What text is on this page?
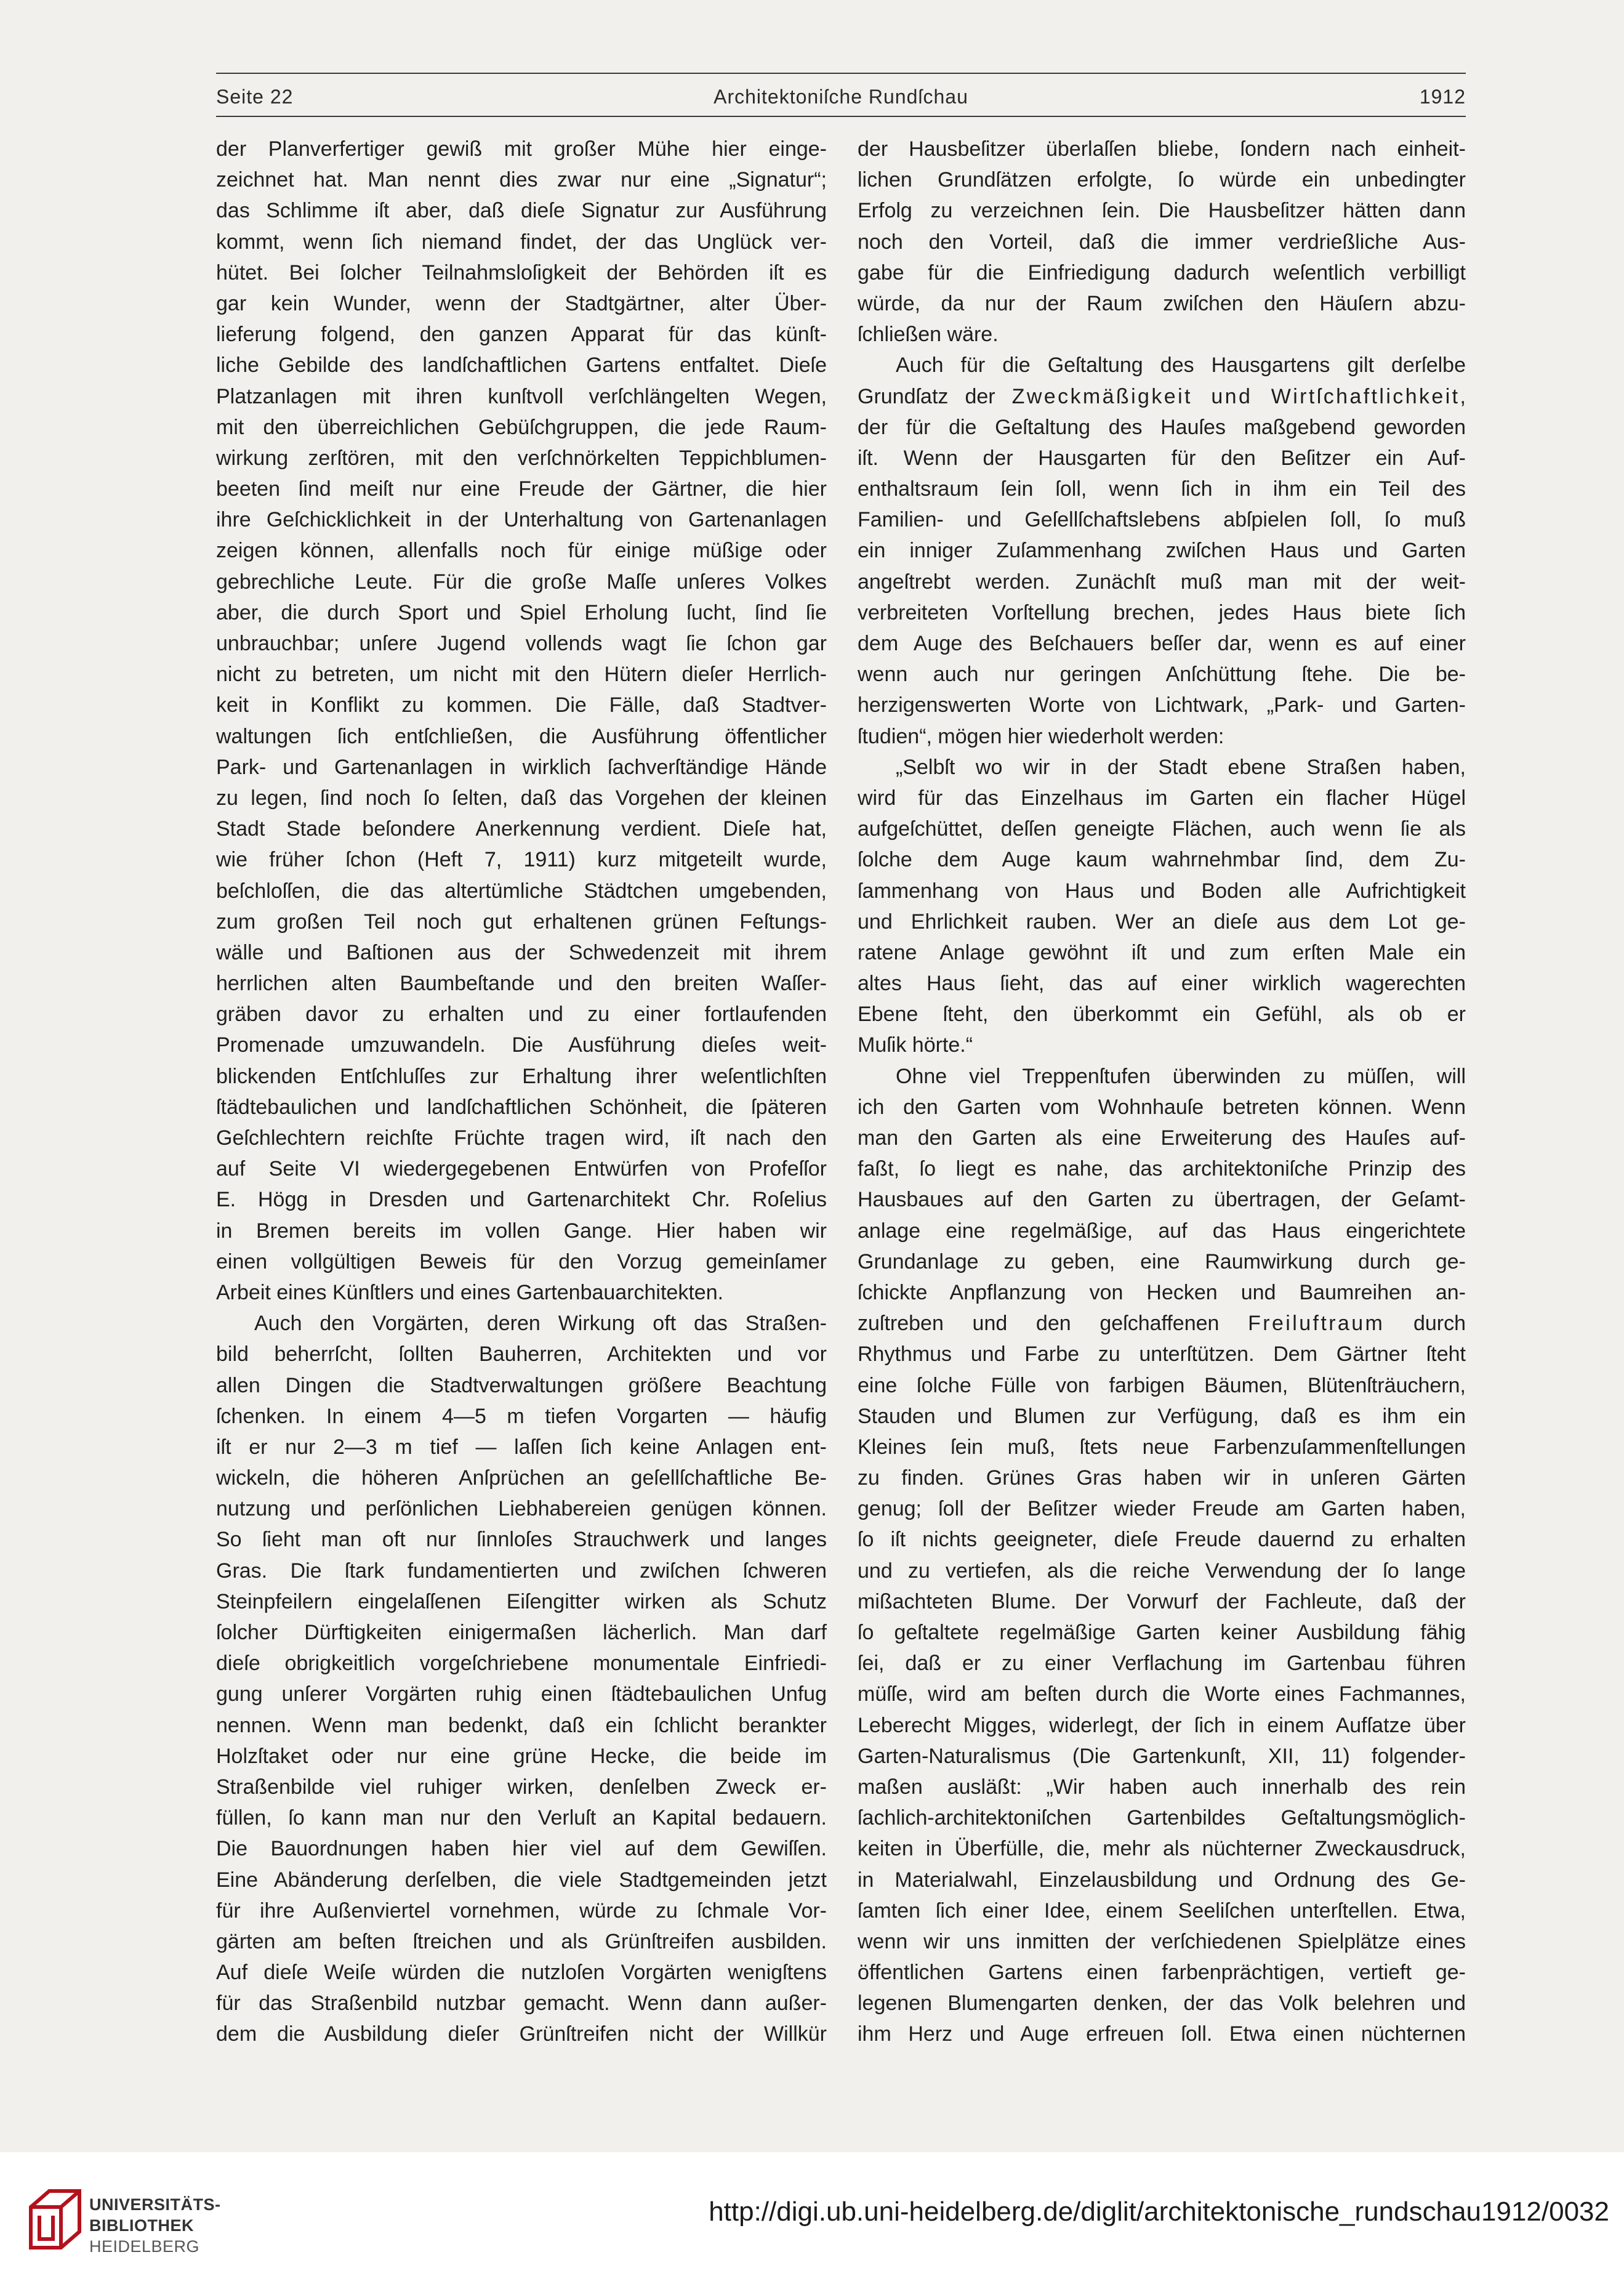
Seite 22	Architektoniſche Rundſchau	1912
der Planverfertiger gewiß mit großer Mühe hier einge-
zeichnet hat. Man nennt dies zwar nur eine „Signatur“;
das Schlimme iſt aber, daß dieſe Signatur zur Ausführung
kommt, wenn ſich niemand findet, der das Unglück ver-
hütet. Bei ſolcher Teilnahmsloſigkeit der Behörden iſt es
gar kein Wunder, wenn der Stadtgärtner, alter Über-
lieferung folgend, den ganzen Apparat für das künſt-
liche Gebilde des landſchaftlichen Gartens entfaltet. Dieſe
Platzanlagen mit ihren kunſtvoll verſchlängelten Wegen,
mit den überreichlichen Gebüſchgruppen, die jede Raum-
wirkung zerſtören, mit den verſchnörkelten Teppichblumen-
beeten ſind meiſt nur eine Freude der Gärtner, die hier
ihre Geſchicklichkeit in der Unterhaltung von Gartenanlagen
zeigen können, allenfalls noch für einige müßige oder
gebrechliche Leute. Für die große Maſſe unſeres Volkes
aber, die durch Sport und Spiel Erholung ſucht, ſind ſie
unbrauchbar; unſere Jugend vollends wagt ſie ſchon gar
nicht zu betreten, um nicht mit den Hütern dieſer Herrlich-
keit in Konflikt zu kommen. Die Fälle, daß Stadtver-
waltungen ſich entſchließen, die Ausführung öffentlicher
Park- und Gartenanlagen in wirklich ſachverſtändige Hände
zu legen, ſind noch ſo ſelten, daß das Vorgehen der kleinen
Stadt Stade beſondere Anerkennung verdient. Dieſe hat,
wie früher ſchon (Heft 7, 1911) kurz mitgeteilt wurde,
beſchloſſen, die das altertümliche Städtchen umgebenden,
zum großen Teil noch gut erhaltenen grünen Feſtungs-
wälle und Baſtionen aus der Schwedenzeit mit ihrem
herrlichen alten Baumbeſtande und den breiten Waſſer-
gräben davor zu erhalten und zu einer fortlaufenden
Promenade umzuwandeln. Die Ausführung dieſes weit-
blickenden Entſchluſſes zur Erhaltung ihrer weſentlichſten
ſtädtebaulichen und landſchaftlichen Schönheit, die ſpäteren
Geſchlechtern reichſte Früchte tragen wird, iſt nach den
auf Seite VI wiedergegebenen Entwürfen von Profeſſor
E. Högg in Dresden und Gartenarchitekt Chr. Roſelius
in Bremen bereits im vollen Gange. Hier haben wir
einen vollgültigen Beweis für den Vorzug gemeinſamer
Arbeit eines Künſtlers und eines Gartenbauarchitekten.
Auch den Vorgärten, deren Wirkung oft das Straßen-
bild beherrſcht, ſollten Bauherren, Architekten und vor
allen Dingen die Stadtverwaltungen größere Beachtung
ſchenken. In einem 4—5 m tiefen Vorgarten — häufig
iſt er nur 2—3 m tief — laſſen ſich keine Anlagen ent-
wickeln, die höheren Anſprüchen an geſellſchaftliche Be-
nutzung und perſönlichen Liebhabereien genügen können.
So ſieht man oft nur ſinnloſes Strauchwerk und langes
Gras. Die ſtark fundamentierten und zwiſchen ſchweren
Steinpfeilern eingelaſſenen Eiſengitter wirken als Schutz
ſolcher Dürftigkeiten einigermaßen lächerlich. Man darf
dieſe obrigkeitlich vorgeſchriebene monumentale Einfriedi-
gung unſerer Vorgärten ruhig einen ſtädtebaulichen Unfug
nennen. Wenn man bedenkt, daß ein ſchlicht berankter
Holzſtaket oder nur eine grüne Hecke, die beide im
Straßenbilde viel ruhiger wirken, denſelben Zweck er-
füllen, ſo kann man nur den Verluſt an Kapital bedauern.
Die Bauordnungen haben hier viel auf dem Gewiſſen.
Eine Abänderung derſelben, die viele Stadtgemeinden jetzt
für ihre Außenviertel vornehmen, würde zu ſchmale Vor-
gärten am beſten ſtreichen und als Grünſtreifen ausbilden.
Auf dieſe Weiſe würden die nutzloſen Vorgärten wenigſtens
für das Straßenbild nutzbar gemacht. Wenn dann außer-
dem die Ausbildung dieſer Grünſtreifen nicht der Willkür
der Hausbeſitzer überlaſſen bliebe, ſondern nach einheit-
lichen Grundſätzen erfolgte, ſo würde ein unbedingter
Erfolg zu verzeichnen ſein. Die Hausbeſitzer hätten dann
noch den Vorteil, daß die immer verdrießliche Aus-
gabe für die Einfriedigung dadurch weſentlich verbilligt
würde, da nur der Raum zwiſchen den Häuſern abzu-
ſchließen wäre.
Auch für die Geſtaltung des Hausgartens gilt derſelbe
Grundſatz der Zweckmäßigkeit und Wirtſchaftlichkeit,
der für die Geſtaltung des Hauſes maßgebend geworden
iſt. Wenn der Hausgarten für den Beſitzer ein Auf-
enthaltsraum ſein ſoll, wenn ſich in ihm ein Teil des
Familien- und Geſellſchaftslebens abſpielen ſoll, ſo muß
ein inniger Zuſammenhang zwiſchen Haus und Garten
angeſtrebt werden. Zunächſt muß man mit der weit-
verbreiteten Vorſtellung brechen, jedes Haus biete ſich
dem Auge des Beſchauers beſſer dar, wenn es auf einer
wenn auch nur geringen Anſchüttung ſtehe. Die be-
herzigenswerten Worte von Lichtwark, „Park- und Garten-
ſtudien“, mögen hier wiederholt werden:
„Selbſt wo wir in der Stadt ebene Straßen haben,
wird für das Einzelhaus im Garten ein flacher Hügel
aufgeſchüttet, deſſen geneigte Flächen, auch wenn ſie als
ſolche dem Auge kaum wahrnehmbar ſind, dem Zu-
ſammenhang von Haus und Boden alle Aufrichtigkeit
und Ehrlichkeit rauben. Wer an dieſe aus dem Lot ge-
ratene Anlage gewöhnt iſt und zum erſten Male ein
altes Haus ſieht, das auf einer wirklich wagerechten
Ebene ſteht, den überkommt ein Gefühl, als ob er
Muſik hörte.“
Ohne viel Treppenſtufen überwinden zu müſſen, will
ich den Garten vom Wohnhauſe betreten können. Wenn
man den Garten als eine Erweiterung des Hauſes auf-
faßt, ſo liegt es nahe, das architektoniſche Prinzip des
Hausbaues auf den Garten zu übertragen, der Geſamt-
anlage eine regelmäßige, auf das Haus eingerichtete
Grundanlage zu geben, eine Raumwirkung durch ge-
ſchickte Anpflanzung von Hecken und Baumreihen an-
zuſtreben und den geſchaffenen Freiluftraum durch
Rhythmus und Farbe zu unterſtützen. Dem Gärtner ſteht
eine ſolche Fülle von farbigen Bäumen, Blütenſträuchern,
Stauden und Blumen zur Verfügung, daß es ihm ein
Kleines ſein muß, ſtets neue Farbenzuſammenſtellungen
zu finden. Grünes Gras haben wir in unſeren Gärten
genug; ſoll der Beſitzer wieder Freude am Garten haben,
ſo iſt nichts geeigneter, dieſe Freude dauernd zu erhalten
und zu vertiefen, als die reiche Verwendung der ſo lange
mißachteten Blume. Der Vorwurf der Fachleute, daß der
ſo geſtaltete regelmäßige Garten keiner Ausbildung fähig
ſei, daß er zu einer Verflachung im Gartenbau führen
müſſe, wird am beſten durch die Worte eines Fachmannes,
Leberecht Migges, widerlegt, der ſich in einem Aufſatze über
Garten-Naturalismus (Die Gartenkunſt, XII, 11) folgender-
maßen ausläßt: „Wir haben auch innerhalb des rein
ſachlich-architektoniſchen Gartenbildes Geſtaltungsmöglich-
keiten in Überfülle, die, mehr als nüchterner Zweckausdruck,
in Materialwahl, Einzelausbildung und Ordnung des Ge-
ſamten ſich einer Idee, einem Seeliſchen unterſtellen. Etwa,
wenn wir uns inmitten der verſchiedenen Spielplätze eines
öffentlichen Gartens einen farbenprächtigen, vertieft ge-
legenen Blumengarten denken, der das Volk belehren und
ihm Herz und Auge erfreuen ſoll. Etwa einen nüchternen
UNIVERSITÄTS-
BIBLIOTHEK
HEIDELBERG
http://digi.ub.uni-heidelberg.de/diglit/architektonische_rundschau1912/0032
